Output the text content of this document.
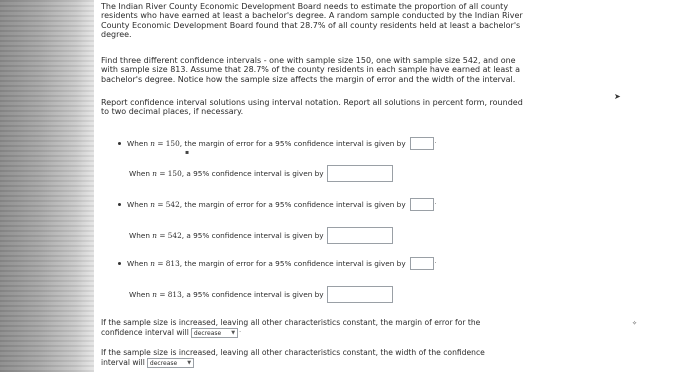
The Indian River County Economic Development Board needs to estimate the proportion of all county
residents who have earned at least a bachelor's degree. A random sample conducted by the Indian River
County Economic Development Board found that 28.7% of all county residents held at least a bachelor's
degree.
Find three different confidence intervals - one with sample size 150, one with sample size 542, and one
with sample size 813. Assume that 28.7% of the county residents in each sample have earned at least a
bachelor's degree. Notice how the sample size affects the margin of error and the width of the interval.
Report confidence interval solutions using interval notation. Report all solutions in percent form, rounded
to two decimal places, if necessary.
When
n
=
150 , the margin of error for a 95% confidence interval is given by	·
▪
When
n
=
150 , a 95% confidence interval is given by
When
n
=
542 , the margin of error for a 95% confidence interval is given by	·
When
n
=
542 , a 95% confidence interval is given by
When
n
=
813 , the margin of error for a 95% confidence interval is given by	·
When
n
=
813 , a 95% confidence interval is given by
If the sample size is increased, leaving all other characteristics constant, the margin of error for the
confidence interval will decrease ▼ ·
If the sample size is increased, leaving all other characteristics constant, the width of the confidence
interval will decrease ▼
➤
✧
